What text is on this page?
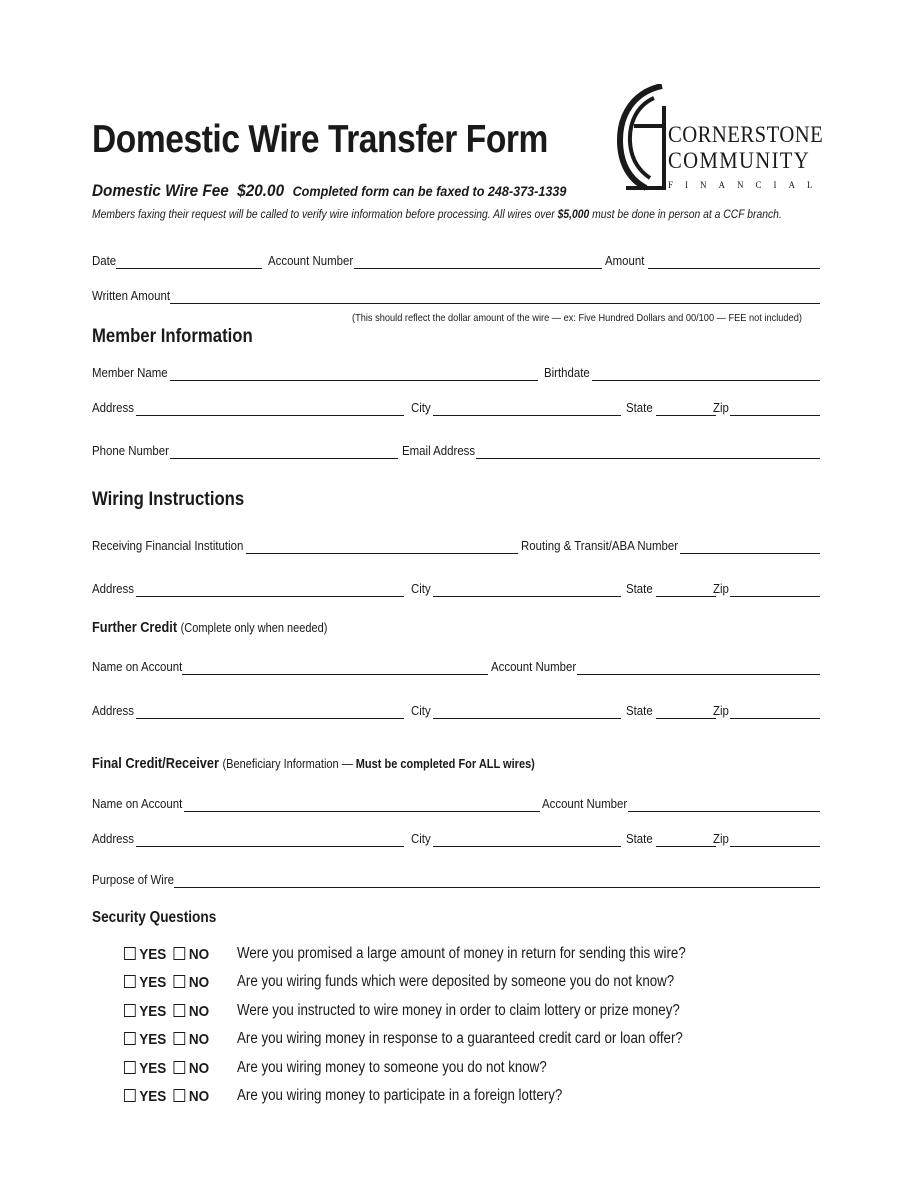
Domestic Wire Transfer Form
Domestic Wire Fee $20.00 Completed form can be faxed to 248-373-1339
Members faxing their request will be called to verify wire information before processing. All wires over $5,000 must be done in person at a CCF branch.
CORNERSTONE
COMMUNITY
FINANCIAL
Date	Account Number	Amount
Written Amount
(This should reflect the dollar amount of the wire — ex: Five Hundred Dollars and 00/100 — FEE not included)
Member Information
Member Name	Birthdate
Address	City	State	Zip
Phone Number	Email Address
Wiring Instructions
Receiving Financial Institution	Routing & Transit/ABA Number
Address	City	State	Zip
Further Credit (Complete only when needed)
Name on Account	Account Number
Address	City	State	Zip
Final Credit/Receiver (Beneficiary Information — Must be completed For ALL wires)
Name on Account	Account Number
Address	City	State	Zip
Purpose of Wire
Security Questions
YES NO Were you promised a large amount of money in return for sending this wire?
YES NO Are you wiring funds which were deposited by someone you do not know?
YES NO Were you instructed to wire money in order to claim lottery or prize money?
YES NO Are you wiring money in response to a guaranteed credit card or loan offer?
YES NO Are you wiring money to someone you do not know?
YES NO Are you wiring money to participate in a foreign lottery?
